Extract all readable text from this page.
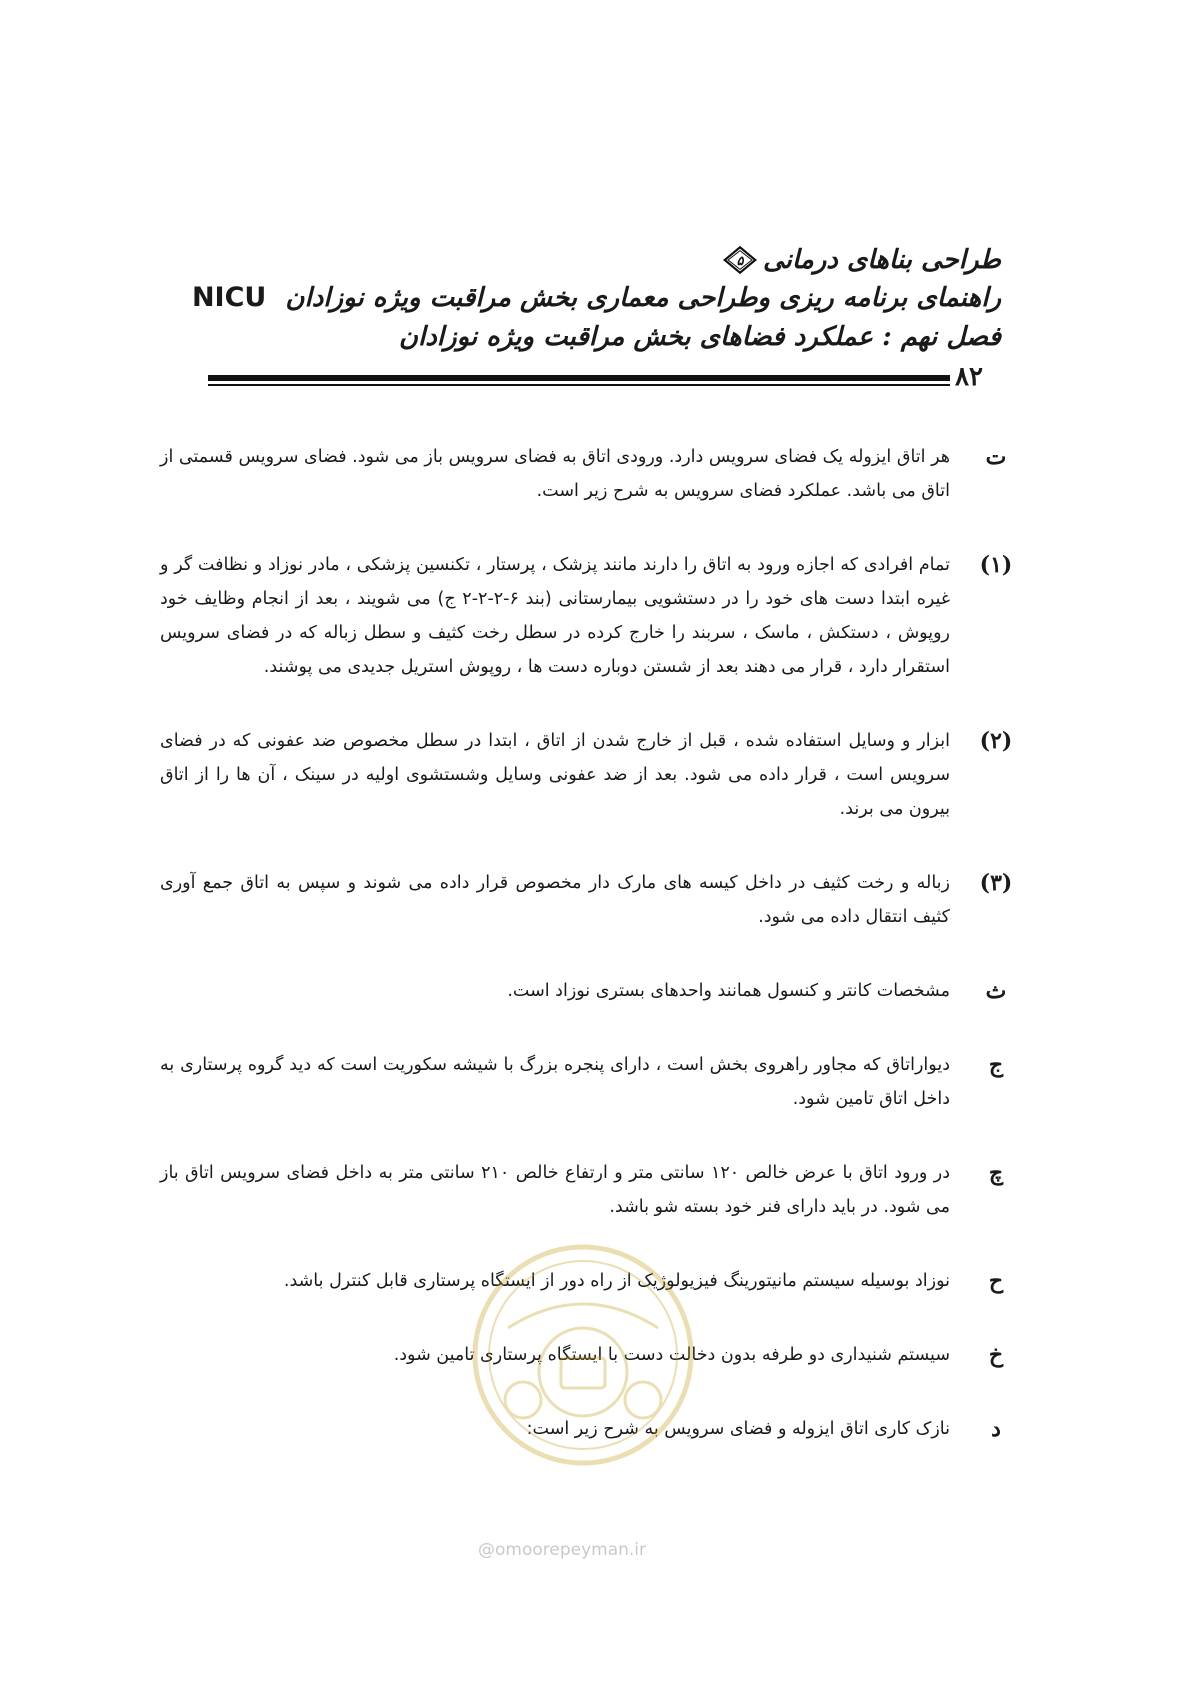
طراحی بناهای درمانی
۵
راهنمای برنامه ریزی وطراحی معماری بخش مراقبت ویژه نوزادان NICU
فصل نهم : عملکرد فضاهای بخش مراقبت ویژه نوزادان
۸۲
ت
هر اتاق ایزوله یک فضای سرویس دارد. ورودی اتاق به فضای سرویس باز می شود. فضای سرویس قسمتی از اتاق می باشد. عملکرد فضای سرویس به شرح زیر است.
(۱)
تمام افرادی که اجازه ورود به اتاق را دارند مانند پزشک ، پرستار ، تکنسین پزشکی ، مادر نوزاد و نظافت گر و غیره ابتدا دست های خود را در دستشویی بیمارستانی (بند ۶-۲-۲-۲ ج) می شویند ، بعد از انجام وظایف خود روپوش ، دستکش ، ماسک ، سربند را خارج کرده در سطل رخت کثیف و سطل زباله که در فضای سرویس استقرار دارد ، قرار می دهند بعد از شستن دوباره دست ها ، روپوش استریل جدیدی می پوشند.
(۲)
ابزار و وسایل استفاده شده ، قبل از خارج شدن از اتاق ، ابتدا در سطل مخصوص ضد عفونی که در فضای سرویس است ، قرار داده می شود. بعد از ضد عفونی وسایل وشستشوی اولیه در سینک ، آن ها را از اتاق بیرون می برند.
(۳)
زباله و رخت کثیف در داخل کیسه های مارک دار مخصوص قرار داده می شوند و سپس به اتاق جمع آوری کثیف انتقال داده می شود.
ث
مشخصات کانتر و کنسول همانند واحدهای بستری نوزاد است.
ج
دیواراتاق که مجاور راهروی بخش است ، دارای پنجره بزرگ با شیشه سکوریت است که دید گروه پرستاری به داخل اتاق تامین شود.
چ
در ورود اتاق با عرض خالص ۱۲۰ سانتی متر و ارتفاع خالص ۲۱۰ سانتی متر به داخل فضای سرویس اتاق باز می شود. در باید دارای فنر خود بسته شو باشد.
ح
نوزاد بوسیله سیستم مانیتورینگ فیزیولوژیک از راه دور از ایستگاه پرستاری قابل کنترل باشد.
خ
سیستم شنیداری دو طرفه بدون دخالت دست با ایستگاه پرستاری تامین شود.
د
نازک کاری اتاق ایزوله و فضای سرویس به شرح زیر است:
@omoorepeyman.ir
